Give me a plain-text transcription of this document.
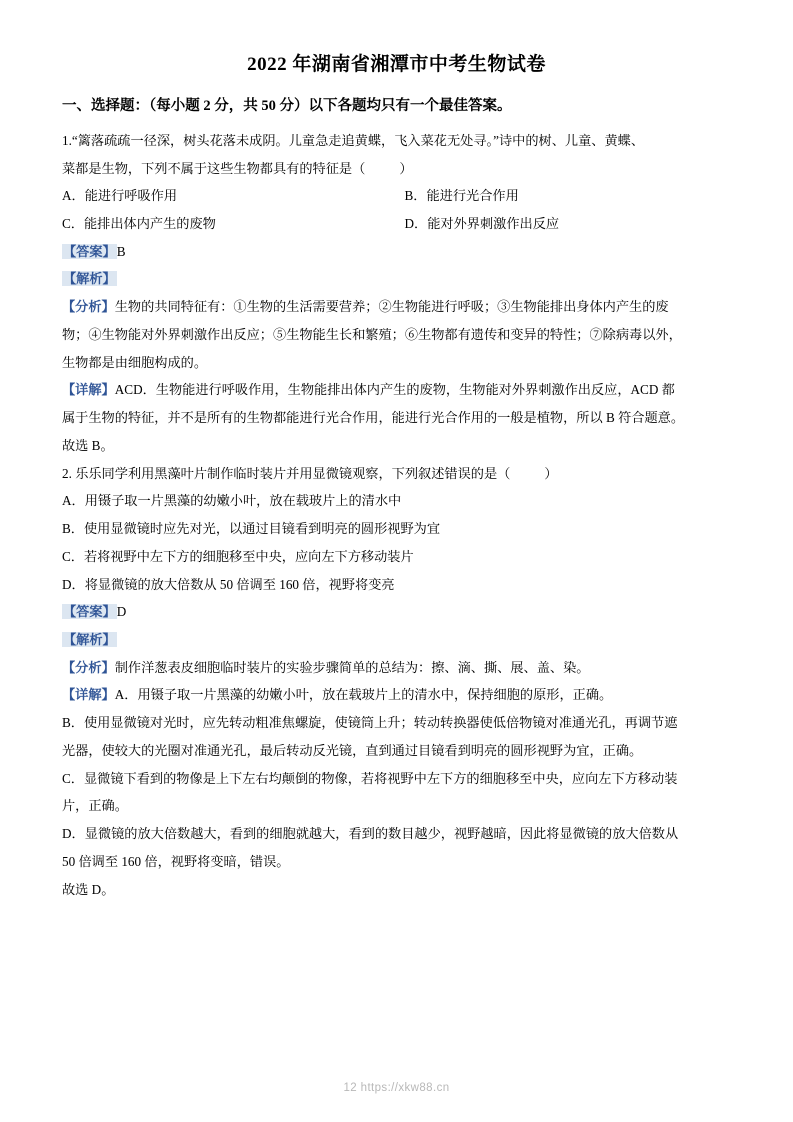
2022 年湖南省湘潭市中考生物试卷
一、选择题：（每小题 2 分，共 50 分）以下各题均只有一个最佳答案。

1.“篱落疏疏一径深，树头花落未成阴。儿童急走追黄蝶，飞入菜花无处寻。”诗中的树、儿童、黄蝶、

菜都是生物，下列不属于这些生物都具有的特征是（	）

A．能进行呼吸作用	B．能进行光合作用
C．能排出体内产生的废物	D．能对外界刺激作出反应

【答案】B

【解析】

【分析】生物的共同特征有：①生物的生活需要营养；②生物能进行呼吸；③生物能排出身体内产生的废

物；④生物能对外界刺激作出反应；⑤生物能生长和繁殖；⑥生物都有遗传和变异的特性；⑦除病毒以外，

生物都是由细胞构成的。

【详解】ACD．生物能进行呼吸作用，生物能排出体内产生的废物，生物能对外界刺激作出反应，ACD 都

属于生物的特征，并不是所有的生物都能进行光合作用，能进行光合作用的一般是植物，所以 B 符合题意。

故选 B。

2. 乐乐同学利用黑藻叶片制作临时装片并用显微镜观察，下列叙述错误的是（	）

A．用镊子取一片黑藻的幼嫩小叶，放在载玻片上的清水中

B．使用显微镜时应先对光，以通过目镜看到明亮的圆形视野为宜

C．若将视野中左下方的细胞移至中央，应向左下方移动装片

D．将显微镜的放大倍数从 50 倍调至 160 倍，视野将变亮

【答案】D

【解析】

【分析】制作洋葱表皮细胞临时装片的实验步骤简单的总结为：擦、滴、撕、展、盖、染。

【详解】A．用镊子取一片黑藻的幼嫩小叶，放在载玻片上的清水中，保持细胞的原形，正确。

B．使用显微镜对光时，应先转动粗准焦螺旋，使镜筒上升；转动转换器使低倍物镜对准通光孔，再调节遮

光器，使较大的光圈对准通光孔，最后转动反光镜，直到通过目镜看到明亮的圆形视野为宜，正确。

C．显微镜下看到的物像是上下左右均颠倒的物像，若将视野中左下方的细胞移至中央，应向左下方移动装

片，正确。

D．显微镜的放大倍数越大，看到的细胞就越大，看到的数目越少，视野越暗，因此将显微镜的放大倍数从

50 倍调至 160 倍，视野将变暗，错误。

故选 D。

12 https://xkw88.cn
